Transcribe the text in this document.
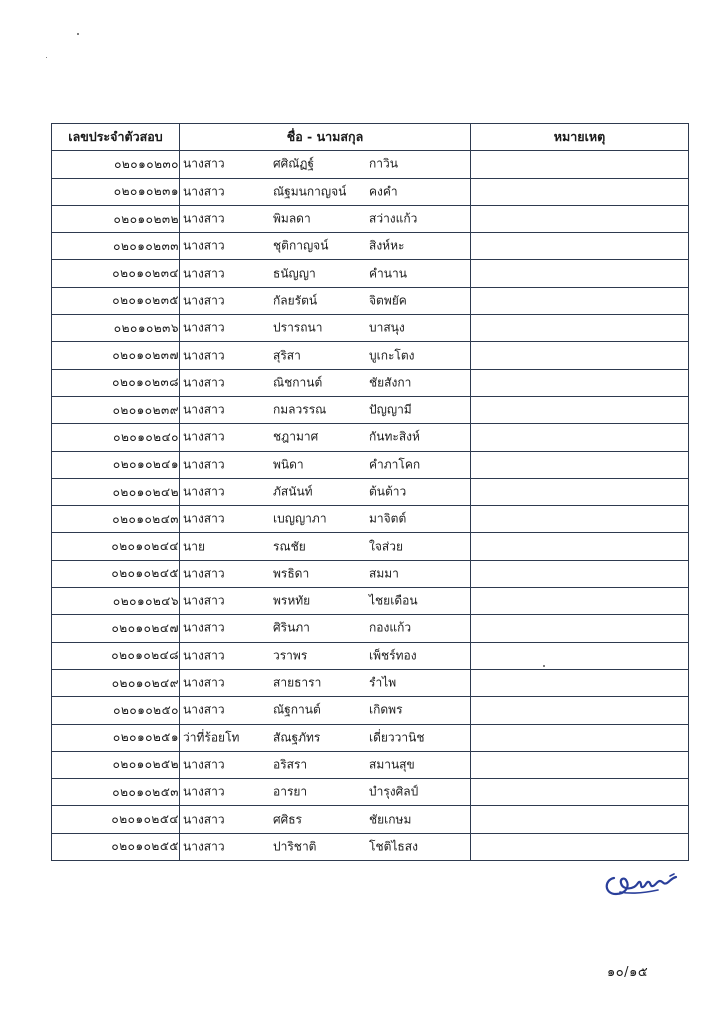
เลขประจำตัวสอบ	ชื่อ - นามสกุล	หมายเหตุ
๐๒๐๑๐๒๓๐	นางสาว ศศิณัฏฐ์ กาวิน	

๐๒๐๑๐๒๓๑	นางสาว ณัฐมนกาญจน์ คงคำ	

๐๒๐๑๐๒๓๒	นางสาว พิมลดา สว่างแก้ว	

๐๒๐๑๐๒๓๓	นางสาว ชุติกาญจน์ สิงห์หะ	

๐๒๐๑๐๒๓๔	นางสาว ธนัญญา คำนาน	

๐๒๐๑๐๒๓๕	นางสาว กัลยรัตน์ จิตพยัค	

๐๒๐๑๐๒๓๖	นางสาว ปรารถนา บาสนุง	

๐๒๐๑๐๒๓๗	นางสาว สุริสา บูเกะโตง	

๐๒๐๑๐๒๓๘	นางสาว ณิชกานต์ ชัยสังกา	

๐๒๐๑๐๒๓๙	นางสาว กมลวรรณ ปัญญามี	

๐๒๐๑๐๒๔๐	นางสาว ชฎามาศ กันทะสิงห์	

๐๒๐๑๐๒๔๑	นางสาว พนิดา คำภาโคก	

๐๒๐๑๐๒๔๒	นางสาว ภัสนันท์ ต้นต้าว	

๐๒๐๑๐๒๔๓	นางสาว เบญญาภา มาจิตต์	

๐๒๐๑๐๒๔๔	นาย รณชัย ใจส่วย	

๐๒๐๑๐๒๔๕	นางสาว พรธิดา สมมา	

๐๒๐๑๐๒๔๖	นางสาว พรหทัย ไชยเดือน	

๐๒๐๑๐๒๔๗	นางสาว ศิรินภา กองแก้ว	

๐๒๐๑๐๒๔๘	นางสาว วราพร เพ็ชร์ทอง	

๐๒๐๑๐๒๔๙	นางสาว สายธารา รำไพ	

๐๒๐๑๐๒๕๐	นางสาว ณัฐกานต์ เกิดพร	

๐๒๐๑๐๒๕๑	ว่าที่ร้อยโท สัณฐภัทร เดี่ยววานิช	

๐๒๐๑๐๒๕๒	นางสาว อริสรา สมานสุข	

๐๒๐๑๐๒๕๓	นางสาว อารยา บำรุงศิลป์	

๐๒๐๑๐๒๕๔	นางสาว ศศิธร ชัยเกษม	

๐๒๐๑๐๒๕๕	นางสาว ปาริชาติ โชติไธสง	

๑๐/๑๕
